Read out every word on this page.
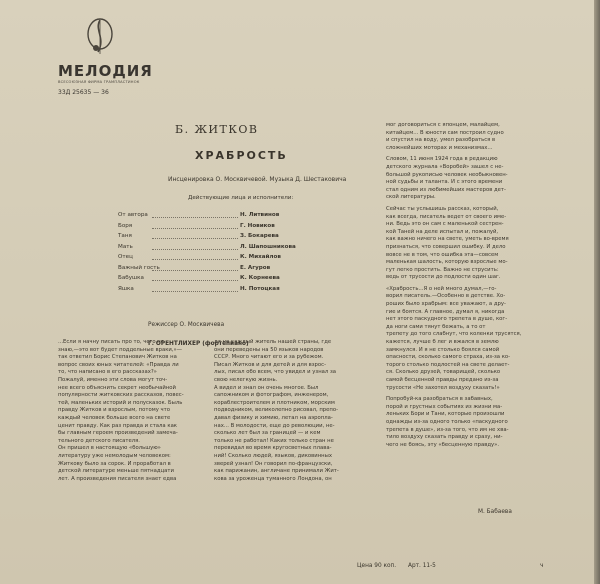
МЕЛОДИЯ
ВСЕСОЮЗНАЯ ФИРМА ГРАМПЛАСТИНОК
33Д 25635 — 36
Б. ЖИТКОВ
ХРАБРОСТЬ
Инсценировка О. Москвичевой. Музыка Д. Шестаковича
Действующие лица и исполнители:
От автора	Н. Литвинов
Боря	Г. Новиков
Таня	З. Бокарева
Мать	Л. Шапошникова
Отец	К. Михайлов
Важный гость	Е. Агуров
Бабушка	К. Корнеева
Яшка	Н. Потоцкая
Режиссер О. Москвичева
Г. ОРЕНТЛИХЕР (фортепиано)

...Если я начну писать про то, чего не

знаю,—это вот будет поддельные враки,»—

так ответил Борис Степанович Житков на

вопрос своих юных читателей: «Правда ли

то, что написано в его рассказах?»

Пожалуй, именно эти слова могут точ-

нее всего объяснить секрет необычайной

популярности житковских рассказов, повес-

тей, маленьких историй и полусказок. Быль

правду Житков и взрослым, потому что

каждый человек больше всего на свете

ценит правду. Как раз правда и стала как

бы главным героем произведений замеча-

тельного детского писателя.

Он пришел в настоящую «большую»

литературу уже немолодым человеком:

Житкову было за сорок. И проработал в

детской литературе меньше пятнадцати

лет. А произведения писателя знает едва

ли не каждый житель нашей страны, где

они переведены на 50 языков народов

СССР. Много читают его и за рубежом.

Писал Житков и для детей и для взрос-

лых, писал обо всем, что увидел и узнал за

свою нелегкую жизнь.

А видел и знал он очень многое. Был

сапожником и фотографом, инженером,

кораблестроителем и плотником, морским

подводником, великолепно рисовал, препо-

давал физику и химию, летал на аэропла-

нах... В молодости, еще до революции, не-

сколько лет был за границей — и кем

только не работал! Каких только стран не

перевидал во время кругосветных плава-

ний! Сколько людей, языков, диковинных

зверей узнал! Он говорил по-французски,

как парижанин, англичане принимали Жит-

кова за уроженца туманного Лондона, он

мог договориться с японцем, малайцем,

китайцем... В юности сам построил судно

и спустил на воду, умел разобраться в

сложнейших моторах и механизмах...

Словом, 11 июня 1924 года в редакцию

детского журнала «Воробей» зашел с не-

большой рукописью человек необыкновен-

ной судьбы и таланта. И с этого времени

стал одним из любимейших мастеров дет-

ской литературы.

Сейчас ты услышишь рассказ, который,

как всегда, писатель ведет от своего име-

ни. Ведь это он сам с маленькой сестрен-

кой Таней на деле испытал и, пожалуй,

как важно ничего на свете, уметь во-время

признаться, что совершил ошибку. И дело

вовсе не в том, что ошибка эта—совсем

маленькая шалость, которую взрослые мо-

гут легко простить. Важно не струсить:

ведь от трусости до подлости один шаг.

«Храбрость...Я о ней много думал,—го-

ворил писатель.—Особенно в детстве. Хо-

роших было храбрым: все уважают, а дру-

гие и боятся. А главное, думал я, никогда

нет этого паскудного трепета в душе, ког-

да ноги сами тянут бежать, а то от

трепету до того слабнут, что коленки трусятся,

кажется, лучше б лег и вжался в землю

замкнулся. И я не столько боялся самой

опасности, сколько самого страха, из-за ко-

торого столько подлостей на свете делает-

ся. Сколько друзей, товарищей, сколько

самой бесценной правды предано из-за

трусости «Не захотел воздуху сказать!»

Попробуй-ка разобраться в забавных,

порой и грустных событиях из жизни ма-

леньких Бори и Тани, которые произошли

однажды из-за одного только «паскудного

трепета в душе», из-за того, что им не хва-

тило воздуху сказать правду и сразу, ни-

чего не боясь, эту «бесценную правду».

М. Бабаева
Цена 90 коп. Арт. 11-5	ч
